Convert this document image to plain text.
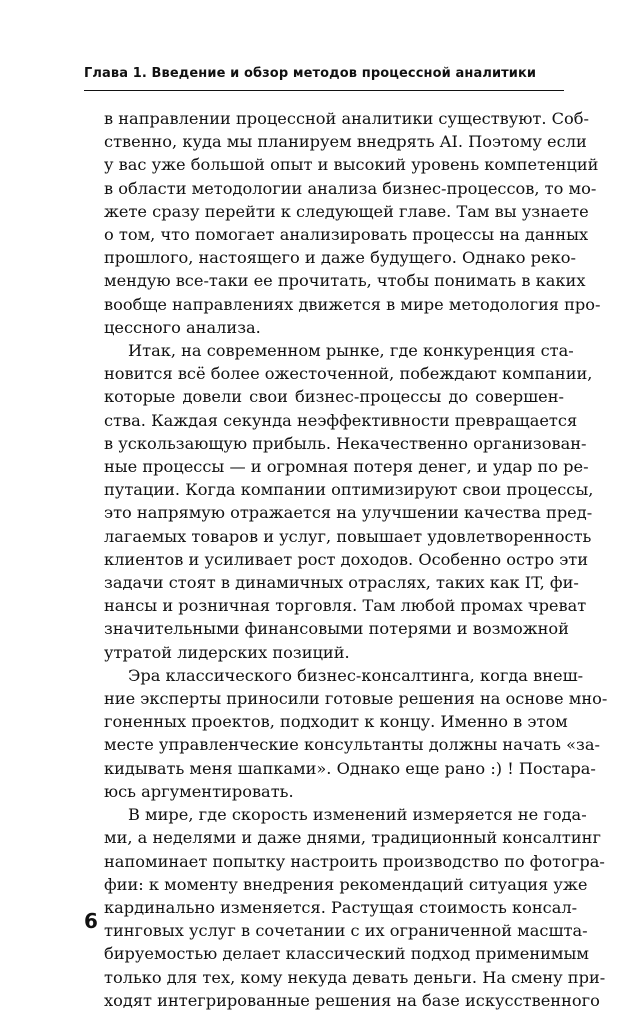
Глава 1. Введение и обзор методов процессной аналитики
в направлении процессной аналитики существуют. Соб-
ственно, куда мы планируем внедрять AI. Поэтому если
у вас уже большой опыт и высокий уровень компетенций
в области методологии анализа бизнес-процессов, то мо-
жете сразу перейти к следующей главе. Там вы узнаете
о том, что помогает анализировать процессы на данных
прошлого, настоящего и даже будущего. Однако реко-
мендую все-таки ее прочитать, чтобы понимать в каких
вообще направлениях движется в мире методология про-
цессного анализа.
Итак, на современном рынке, где конкуренция ста-
новится всё более ожесточенной, побеждают компании,
которые довели свои бизнес-процессы до совершен-
ства. Каждая секунда неэффективности превращается
в ускользающую прибыль. Некачественно организован-
ные процессы — и огромная потеря денег, и удар по ре-
путации. Когда компании оптимизируют свои процессы,
это напрямую отражается на улучшении качества пред-
лагаемых товаров и услуг, повышает удовлетворенность
клиентов и усиливает рост доходов. Особенно остро эти
задачи стоят в динамичных отраслях, таких как IT, фи-
нансы и розничная торговля. Там любой промах чреват
значительными финансовыми потерями и возможной
утратой лидерских позиций.
Эра классического бизнес-консалтинга, когда внеш-
ние эксперты приносили готовые решения на основе мно-
гоненных проектов, подходит к концу. Именно в этом
месте управленческие консультанты должны начать «за-
кидывать меня шапками». Однако еще рано :) ! Постара-
юсь аргументировать.
В мире, где скорость изменений измеряется не года-
ми, а неделями и даже днями, традиционный консалтинг
напоминает попытку настроить производство по фотогра-
фии: к моменту внедрения рекомендаций ситуация уже
кардинально изменяется. Растущая стоимость консал-
тинговых услуг в сочетании с их ограниченной масшта-
бируемостью делает классический подход применимым
только для тех, кому некуда девать деньги. На смену при-
ходят интегрированные решения на базе искусственного
6
